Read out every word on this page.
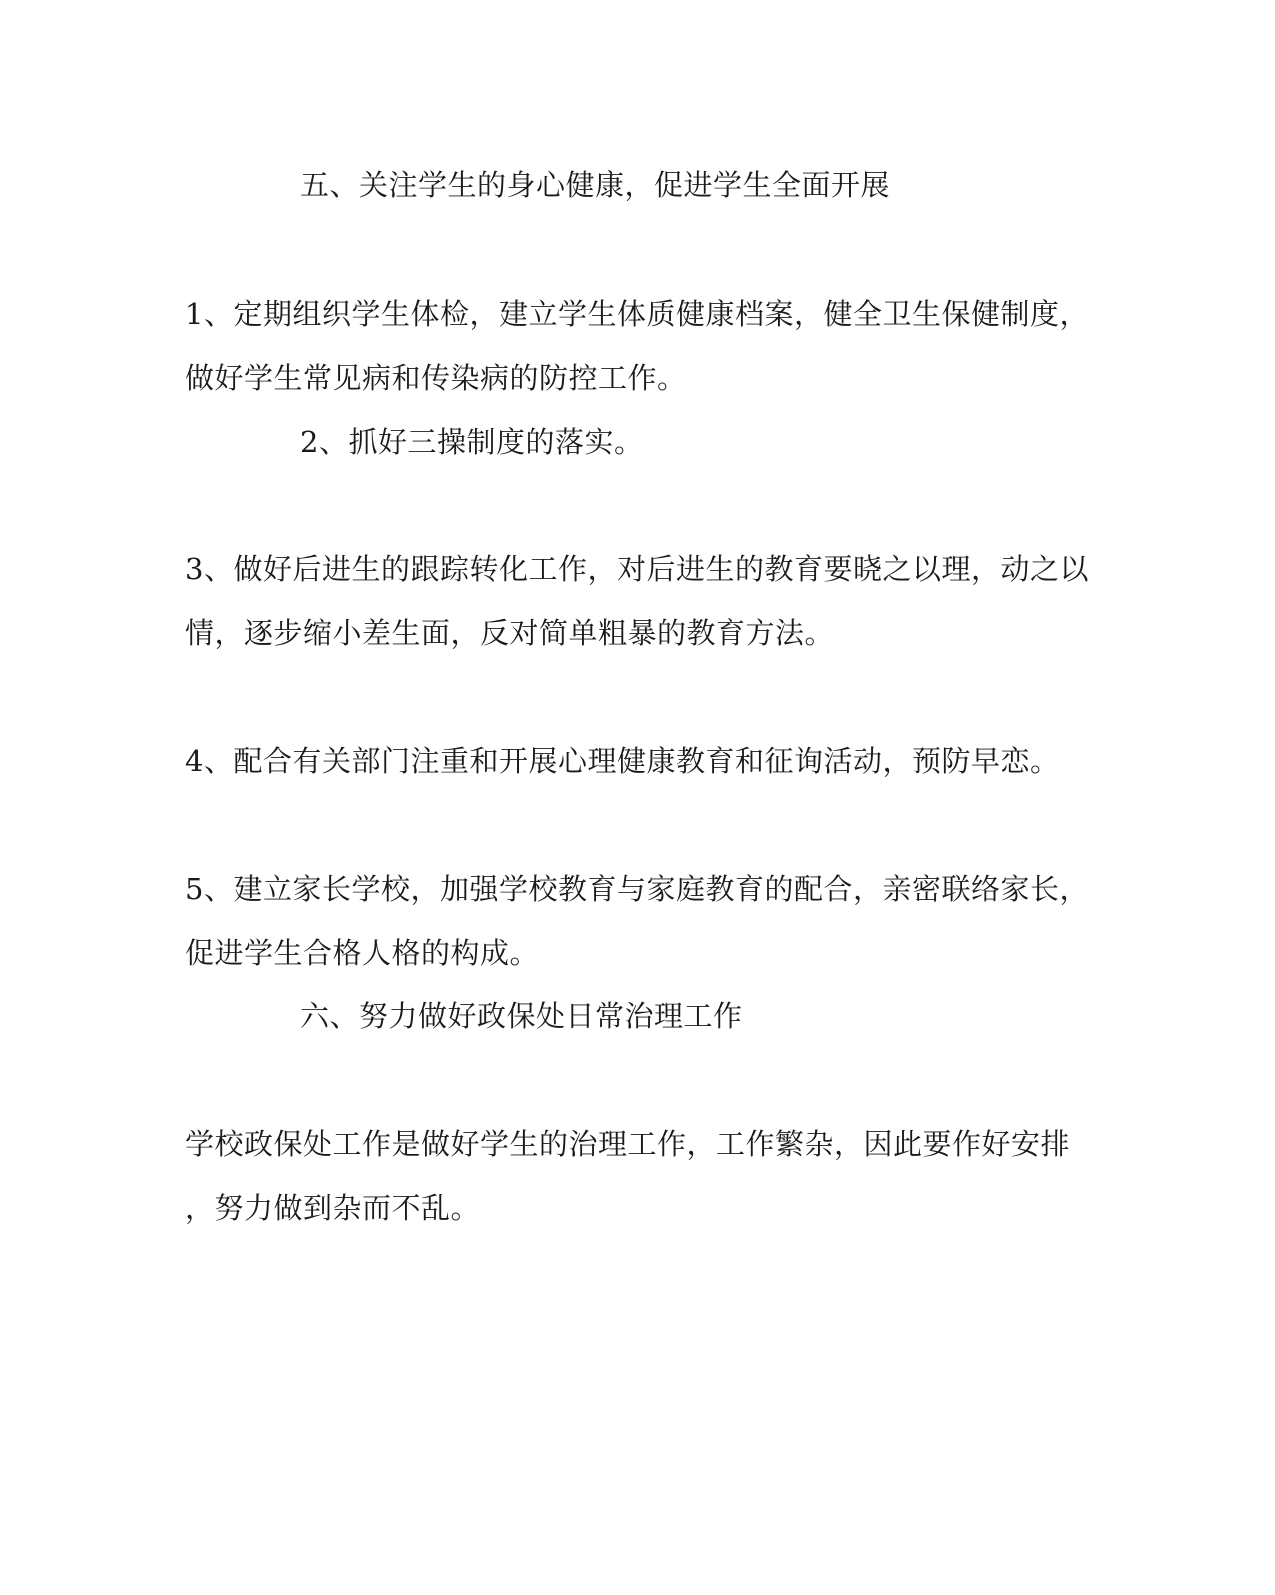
五、关注学生的身心健康，促进学生全面开展
1、定期组织学生体检，建立学生体质健康档案，健全卫生保健制度，
做好学生常见病和传染病的防控工作。
2、抓好三操制度的落实。
3、做好后进生的跟踪转化工作，对后进生的教育要晓之以理，动之以
情，逐步缩小差生面，反对简单粗暴的教育方法。
4、配合有关部门注重和开展心理健康教育和征询活动，预防早恋。
5、建立家长学校，加强学校教育与家庭教育的配合，亲密联络家长，
促进学生合格人格的构成。
六、努力做好政保处日常治理工作
学校政保处工作是做好学生的治理工作，工作繁杂，因此要作好安排
，努力做到杂而不乱。
